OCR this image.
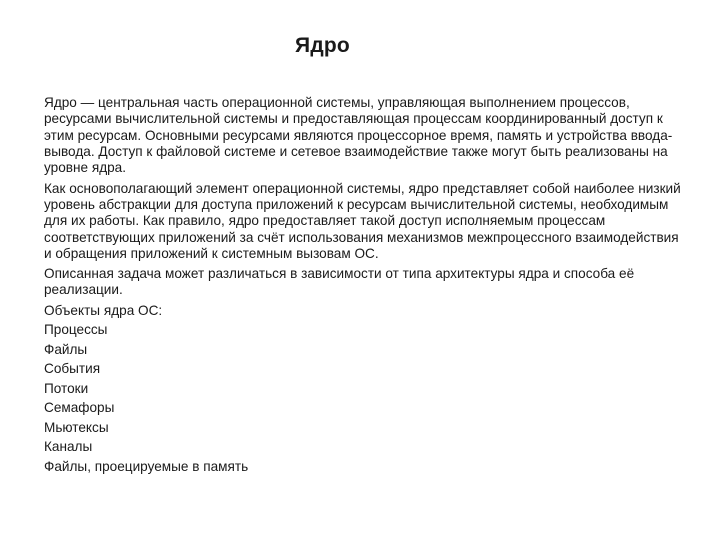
Ядро

Ядро — центральная часть операционной системы, управляющая выполнением процессов, ресурсами вычислительной системы и предоставляющая процессам координированный доступ к этим ресурсам. Основными ресурсами являются процессорное время, память и устройства ввода-вывода. Доступ к файловой системе и сетевое взаимодействие также могут быть реализованы на уровне ядра.

Как основополагающий элемент операционной системы, ядро представляет собой наиболее низкий уровень абстракции для доступа приложений к ресурсам вычислительной системы, необходимым для их работы. Как правило, ядро предоставляет такой доступ исполняемым процессам соответствующих приложений за счёт использования механизмов межпроцессного взаимодействия и обращения приложений к системным вызовам ОС.

Описанная задача может различаться в зависимости от типа архитектуры ядра и способа её реализации.

Объекты ядра ОС:

Процессы
Файлы
События
Потоки
Семафоры
Мьютексы
Каналы
Файлы, проецируемые в память
